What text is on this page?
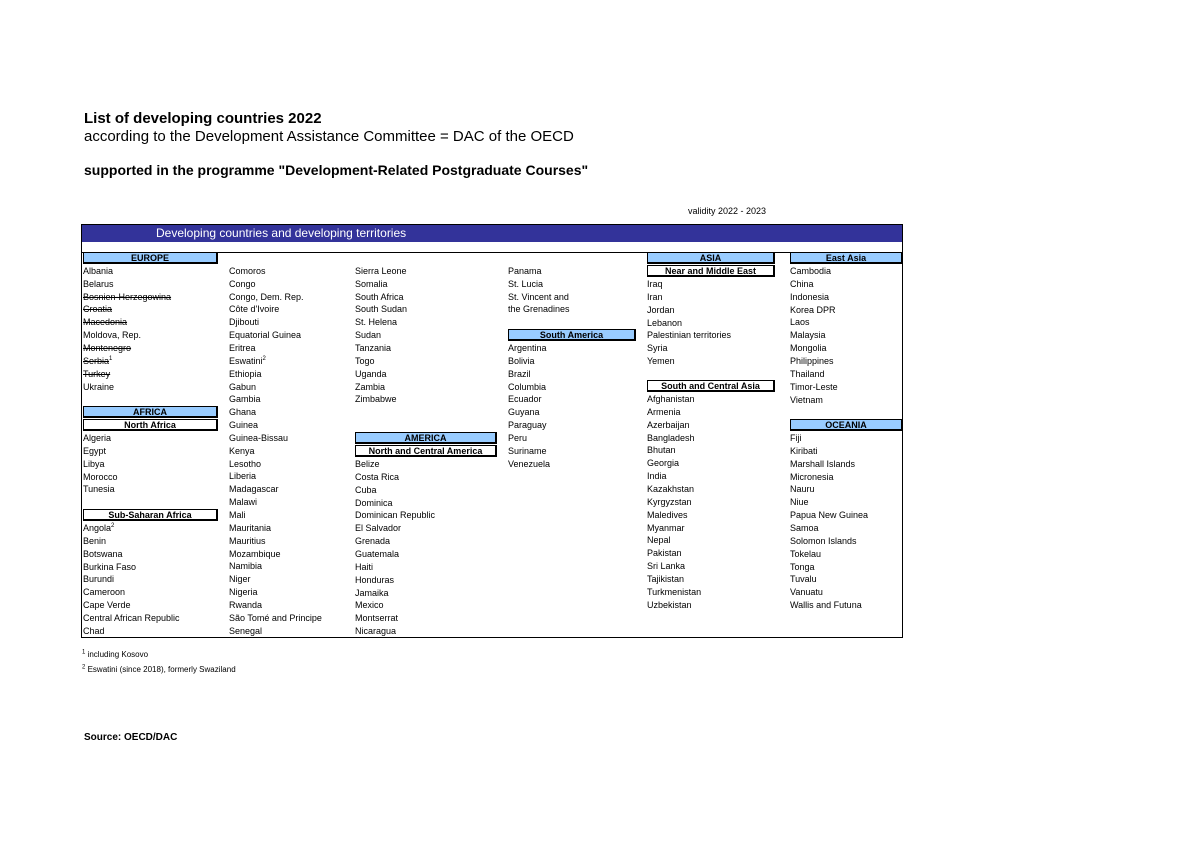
List of developing countries 2022
according to the Development Assistance Committee = DAC of the OECD
supported in the programme "Development-Related Postgraduate Courses"
validity 2022 - 2023
Developing countries and developing territories
EUROPE
Albania
Belarus
Bosnien-Herzegowina
Croatia
Macedonia
Moldova, Rep.
Montenegro
Serbia$^1$
Turkey
Ukraine
AFRICA
North Africa
Algeria
Egypt
Libya
Morocco
Tunesia
Sub-Saharan Africa
Angola$^2$
Benin
Botswana
Burkina Faso
Burundi
Cameroon
Cape Verde
Central African Republic
Chad
Comoros
Congo
Congo, Dem. Rep.
Côte d'Ivoire
Djibouti
Equatorial Guinea
Eritrea
Eswatini$^2$
Ethiopia
Gabun
Gambia
Ghana
Guinea
Guinea-Bissau
Kenya
Lesotho
Liberia
Madagascar
Malawi
Mali
Mauritania
Mauritius
Mozambique
Namibia
Niger
Nigeria
Rwanda
São Tomé and Principe
Senegal
Sierra Leone
Somalia
South Africa
South Sudan
St. Helena
Sudan
Tanzania
Togo
Uganda
Zambia
Zimbabwe
AMERICA
North and Central America
Belize
Costa Rica
Cuba
Dominica
Dominican Republic
El Salvador
Grenada
Guatemala
Haiti
Honduras
Jamaika
Mexico
Montserrat
Nicaragua
Panama
St. Lucia
St. Vincent and
the Grenadines
South America
Argentina
Bolivia
Brazil
Columbia
Ecuador
Guyana
Paraguay
Peru
Suriname
Venezuela
ASIA
Near and Middle East
Iraq
Iran
Jordan
Lebanon
Palestinian territories
Syria
Yemen
South and Central Asia
Afghanistan
Armenia
Azerbaijan
Bangladesh
Bhutan
Georgia
India
Kazakhstan
Kyrgyzstan
Maledives
Myanmar
Nepal
Pakistan
Sri Lanka
Tajikistan
Turkmenistan
Uzbekistan
East Asia
Cambodia
China
Indonesia
Korea DPR
Laos
Malaysia
Mongolia
Philippines
Thailand
Timor-Leste
Vietnam
OCEANIA
Fiji
Kiribati
Marshall Islands
Micronesia
Nauru
Niue
Papua New Guinea
Samoa
Solomon Islands
Tokelau
Tonga
Tuvalu
Vanuatu
Wallis and Futuna
$^1$ including Kosovo
$^2$ Eswatini (since 2018), formerly Swaziland
Source: OECD/DAC
